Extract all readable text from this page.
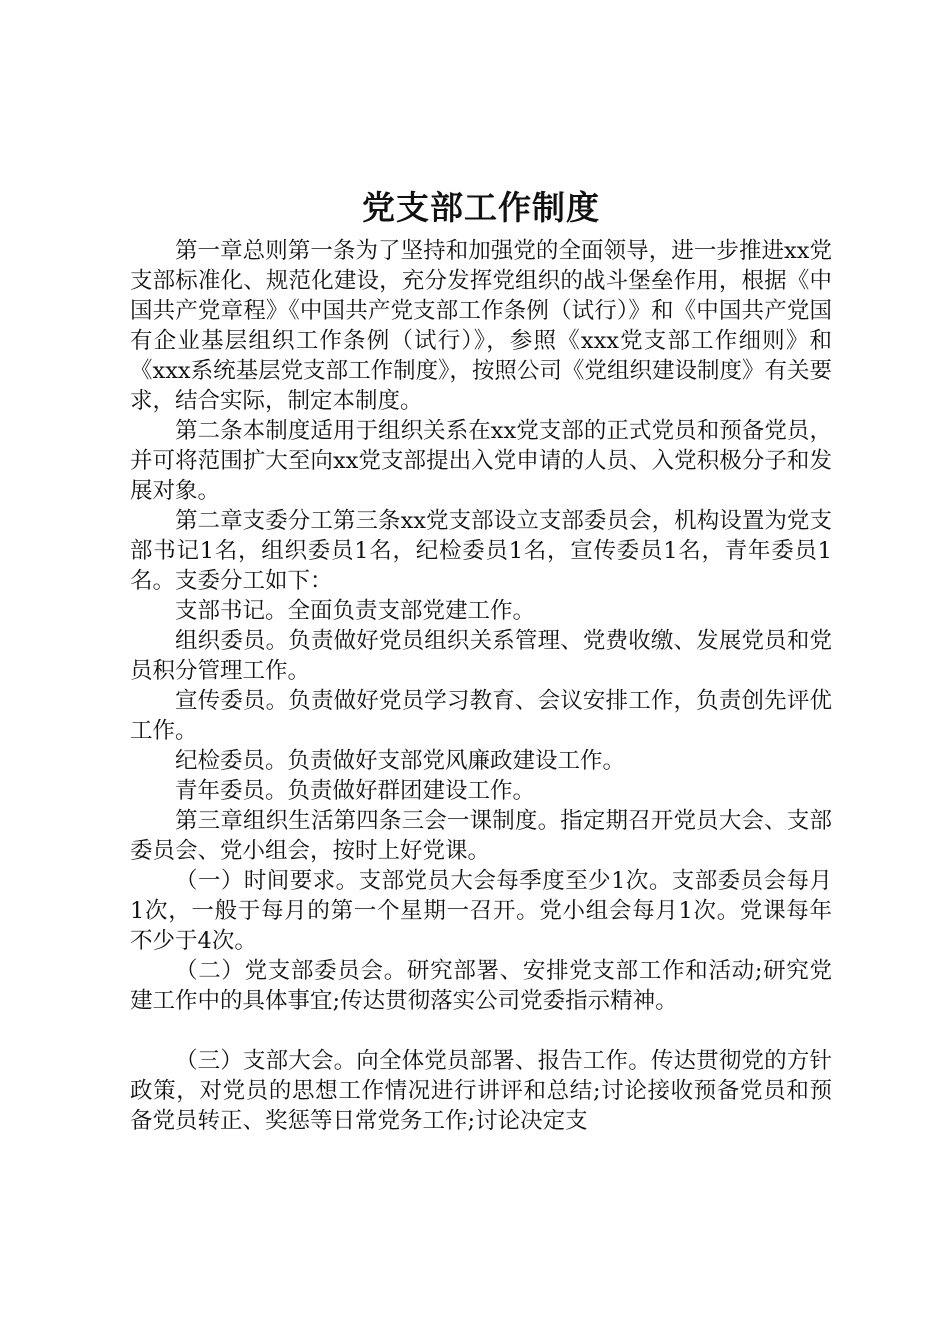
党支部工作制度

第一章总则第一条为了坚持和加强党的全面领导，进一步推进xx党支部标准化、规范化建设，充分发挥党组织的战斗堡垒作用，根据《中国共产党章程》《中国共产党支部工作条例（试行）》和《中国共产党国有企业基层组织工作条例（试行）》，参照《xxx党支部工作细则》和《xxx系统基层党支部工作制度》，按照公司《党组织建设制度》有关要求，结合实际，制定本制度。

第二条本制度适用于组织关系在xx党支部的正式党员和预备党员，并可将范围扩大至向xx党支部提出入党申请的人员、入党积极分子和发展对象。

第二章支委分工第三条xx党支部设立支部委员会，机构设置为党支部书记1名，组织委员1名，纪检委员1名，宣传委员1名，青年委员1名。支委分工如下：

支部书记。全面负责支部党建工作。

组织委员。负责做好党员组织关系管理、党费收缴、发展党员和党员积分管理工作。

宣传委员。负责做好党员学习教育、会议安排工作，负责创先评优工作。

纪检委员。负责做好支部党风廉政建设工作。

青年委员。负责做好群团建设工作。

第三章组织生活第四条三会一课制度。指定期召开党员大会、支部委员会、党小组会，按时上好党课。

（一）时间要求。支部党员大会每季度至少1次。支部委员会每月1次，一般于每月的第一个星期一召开。党小组会每月1次。党课每年不少于4次。

（二）党支部委员会。研究部署、安排党支部工作和活动;研究党建工作中的具体事宜;传达贯彻落实公司党委指示精神。

（三）支部大会。向全体党员部署、报告工作。传达贯彻党的方针政策，对党员的思想工作情况进行讲评和总结;讨论接收预备党员和预备党员转正、奖惩等日常党务工作;讨论决定支
